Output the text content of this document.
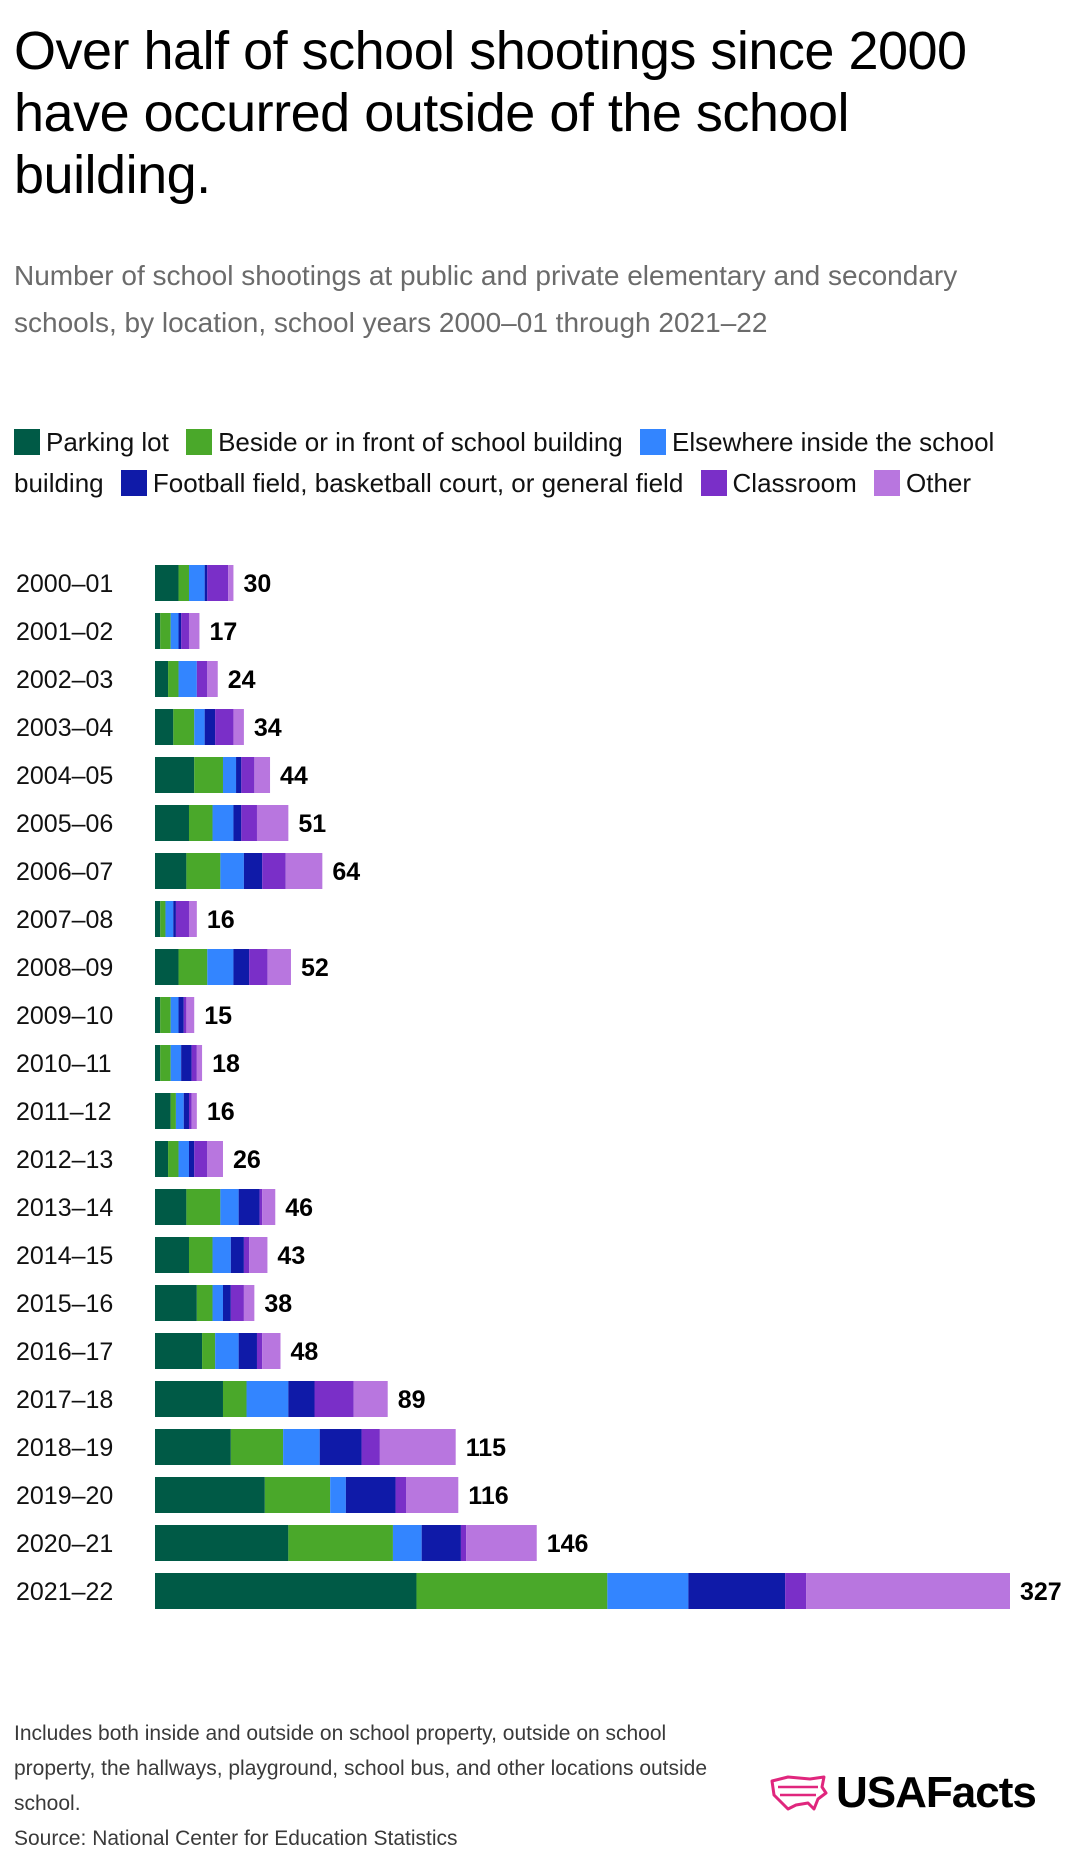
Over half of school shootings since 2000 have occurred outside of the school building.
Number of school shootings at public and private elementary and secondary schools, by location, school years 2000–01 through 2021–22
Parking lot Beside or in front of school building Elsewhere inside the school building Football field, basketball court, or general field Classroom Other
2000–01	30
2001–02	17
2002–03	24
2003–04	34
2004–05	44
2005–06	51
2006–07	64
2007–08	16
2008–09	52
2009–10	15
2010–11	18
2011–12	16
2012–13	26
2013–14	46
2014–15	43
2015–16	38
2016–17	48
2017–18	89
2018–19	115
2019–20	116
2020–21	146
2021–22	327
Includes both inside and outside on school property, outside on school property, the hallways, playground, school bus, and other locations outside school.
Source: National Center for Education Statistics
USAFacts
